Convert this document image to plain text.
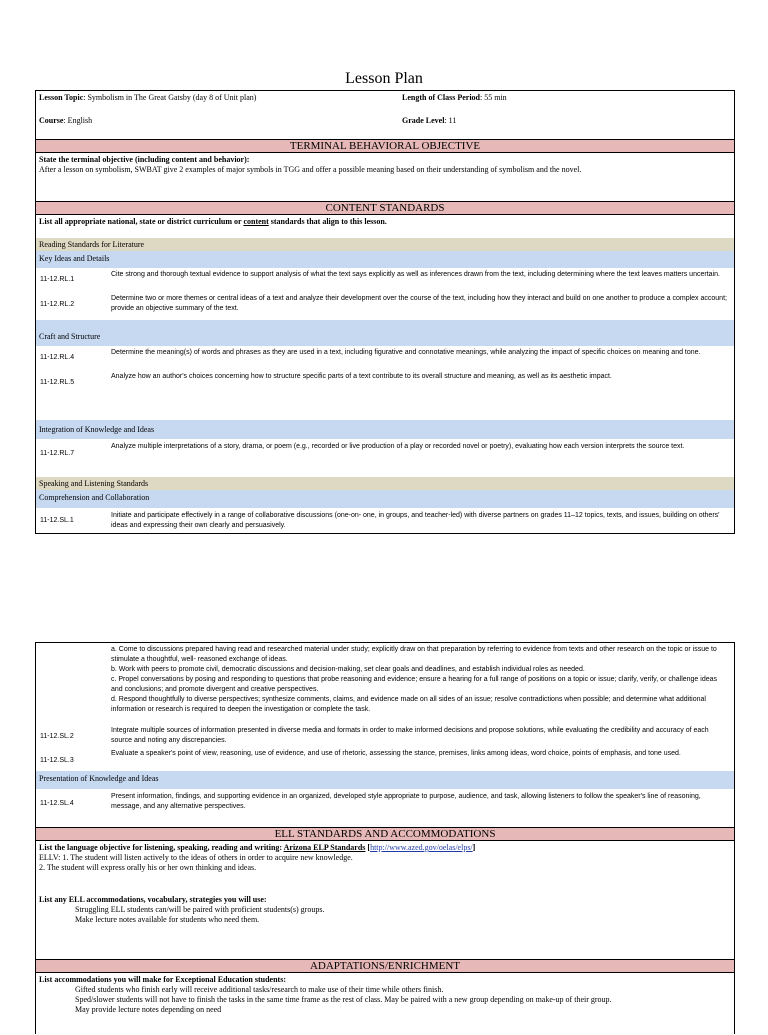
Lesson Plan
Lesson Topic: Symbolism in The Great Gatsby (day 8 of Unit plan)	Length of Class Period: 55 min
Course: English	Grade Level: 11
TERMINAL BEHAVIORAL OBJECTIVE
State the terminal objective (including content and behavior):
After a lesson on symbolism, SWBAT give 2 examples of major symbols in TGG and offer a possible meaning based on their understanding of symbolism and the novel.
CONTENT STANDARDS
List all appropriate national, state or district curriculum or content standards that align to this lesson.
Reading Standards for Literature
Key Ideas and Details
11-12.RL.1
Cite strong and thorough textual evidence to support analysis of what the text says explicitly as well as inferences drawn from the text, including determining where the text leaves matters uncertain.
11-12.RL.2
Determine two or more themes or central ideas of a text and analyze their development over the course of the text, including how they interact and build on one another to produce a complex account; provide an objective summary of the text.
Craft and Structure
11-12.RL.4
Determine the meaning(s) of words and phrases as they are used in a text, including figurative and connotative meanings, while analyzing the impact of specific choices on meaning and tone.
11-12.RL.5
Analyze how an author's choices concerning how to structure specific parts of a text contribute to its overall structure and meaning, as well as its aesthetic impact.
Integration of Knowledge and Ideas
11-12.RL.7
Analyze multiple interpretations of a story, drama, or poem (e.g., recorded or live production of a play or recorded novel or poetry), evaluating how each version interprets the source text.
Speaking and Listening Standards
Comprehension and Collaboration
11-12.SL.1
Initiate and participate effectively in a range of collaborative discussions (one-on- one, in groups, and teacher-led) with diverse partners on grades 11–12 topics, texts, and issues, building on others' ideas and expressing their own clearly and persuasively.
a. Come to discussions prepared having read and researched material under study; explicitly draw on that preparation by referring to evidence from texts and other research on the topic or issue to stimulate a thoughtful, well- reasoned exchange of ideas.
b. Work with peers to promote civil, democratic discussions and decision-making, set clear goals and deadlines, and establish individual roles as needed.
c. Propel conversations by posing and responding to questions that probe reasoning and evidence; ensure a hearing for a full range of positions on a topic or issue; clarify, verify, or challenge ideas and conclusions; and promote divergent and creative perspectives.
d. Respond thoughtfully to diverse perspectives; synthesize comments, claims, and evidence made on all sides of an issue; resolve contradictions when possible; and determine what additional information or research is required to deepen the investigation or complete the task.
11-12.SL.2
Integrate multiple sources of information presented in diverse media and formats in order to make informed decisions and propose solutions, while evaluating the credibility and accuracy of each source and noting any discrepancies.
11-12.SL.3
Evaluate a speaker's point of view, reasoning, use of evidence, and use of rhetoric, assessing the stance, premises, links among ideas, word choice, points of emphasis, and tone used.
Presentation of Knowledge and Ideas
11-12.SL.4
Present information, findings, and supporting evidence in an organized, developed style appropriate to purpose, audience, and task, allowing listeners to follow the speaker's line of reasoning, message, and any alternative perspectives.
ELL STANDARDS AND ACCOMMODATIONS
List the language objective for listening, speaking, reading and writing: Arizona ELP Standards [http://www.azed.gov/oelas/elps/]
ELLV: 1. The student will listen actively to the ideas of others in order to acquire new knowledge.
2. The student will express orally his or her own thinking and ideas.
List any ELL accommodations, vocabulary, strategies you will use:
Struggling ELL students can/will be paired with proficient students(s) groups.
Make lecture notes available for students who need them.
ADAPTATIONS/ENRICHMENT
List accommodations you will make for Exceptional Education students:
Gifted students who finish early will receive additional tasks/research to make use of their time while others finish.
Sped/slower students will not have to finish the tasks in the same time frame as the rest of class. May be paired with a new group depending on make-up of their group.
May provide lecture notes depending on need
